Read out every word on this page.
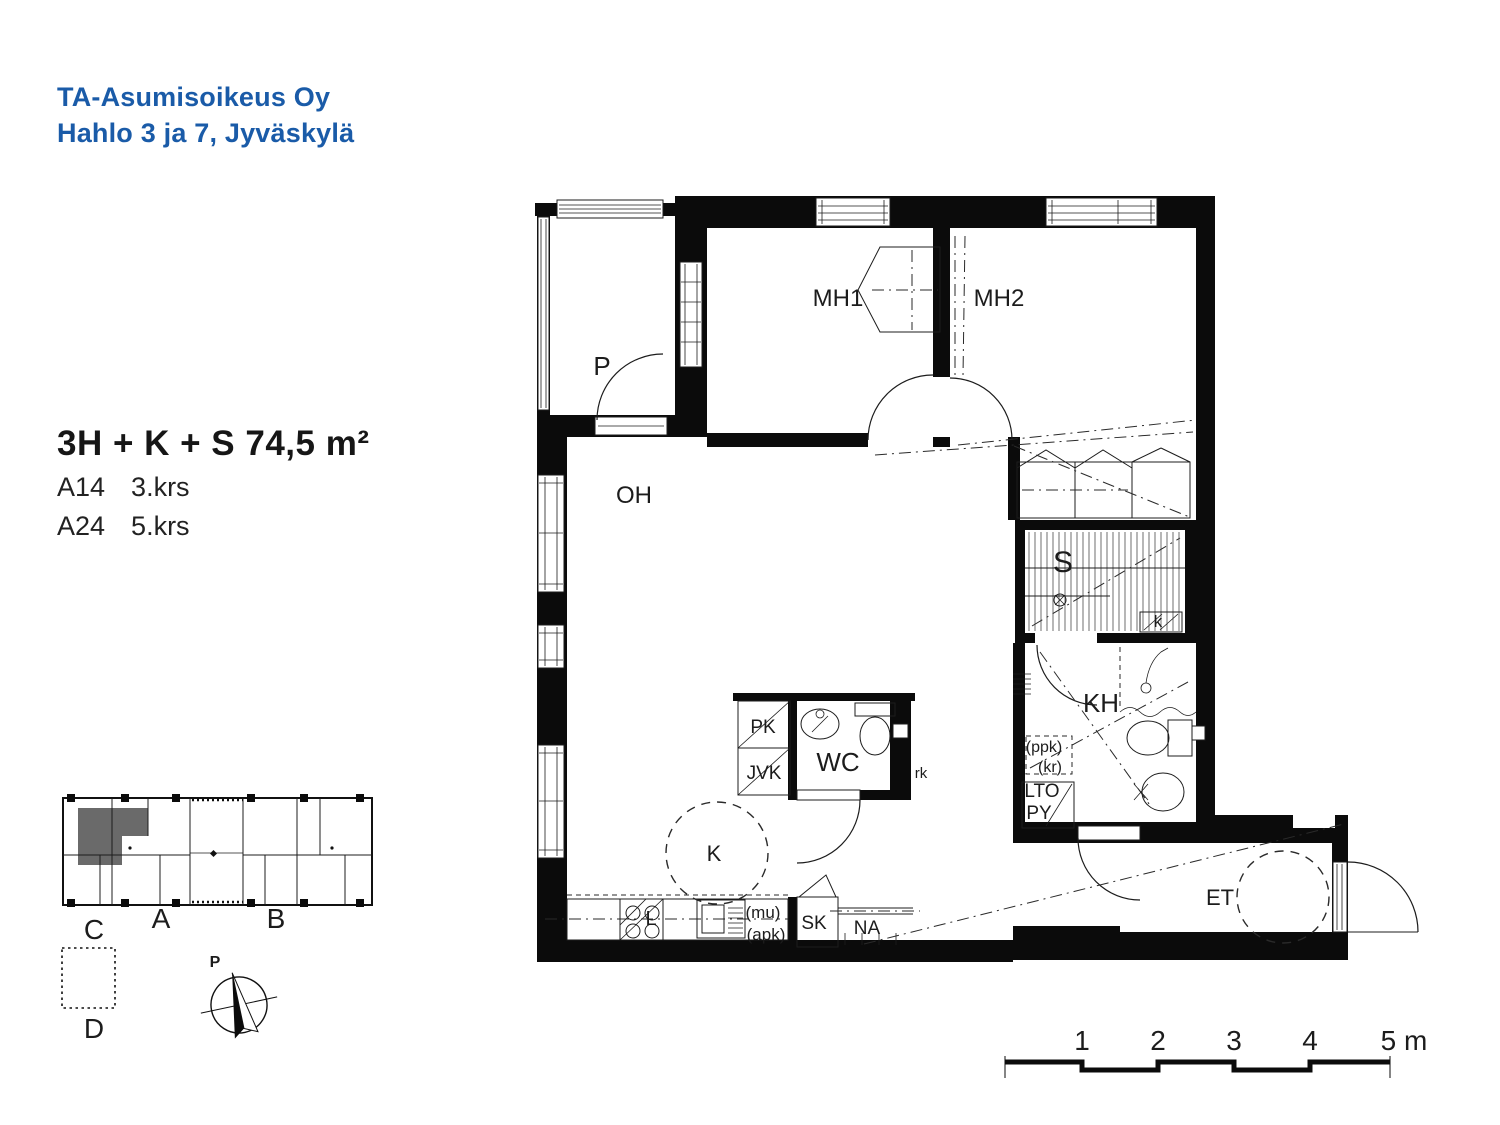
TA-Asumisoikeus Oy
Hahlo 3 ja 7, Jyväskylä
3H + K + S 74,5 m²
A14 3.krs
A24 5.krs
P
OH
MH1	MH2
S
k
KH
WC
K
ET
L
PK
JVK
SK NA
(mu)
(apk)
(ppk)
(kr)
LTO
PY
rk
A	B
C
D
P
1 2 3 4 5 m
